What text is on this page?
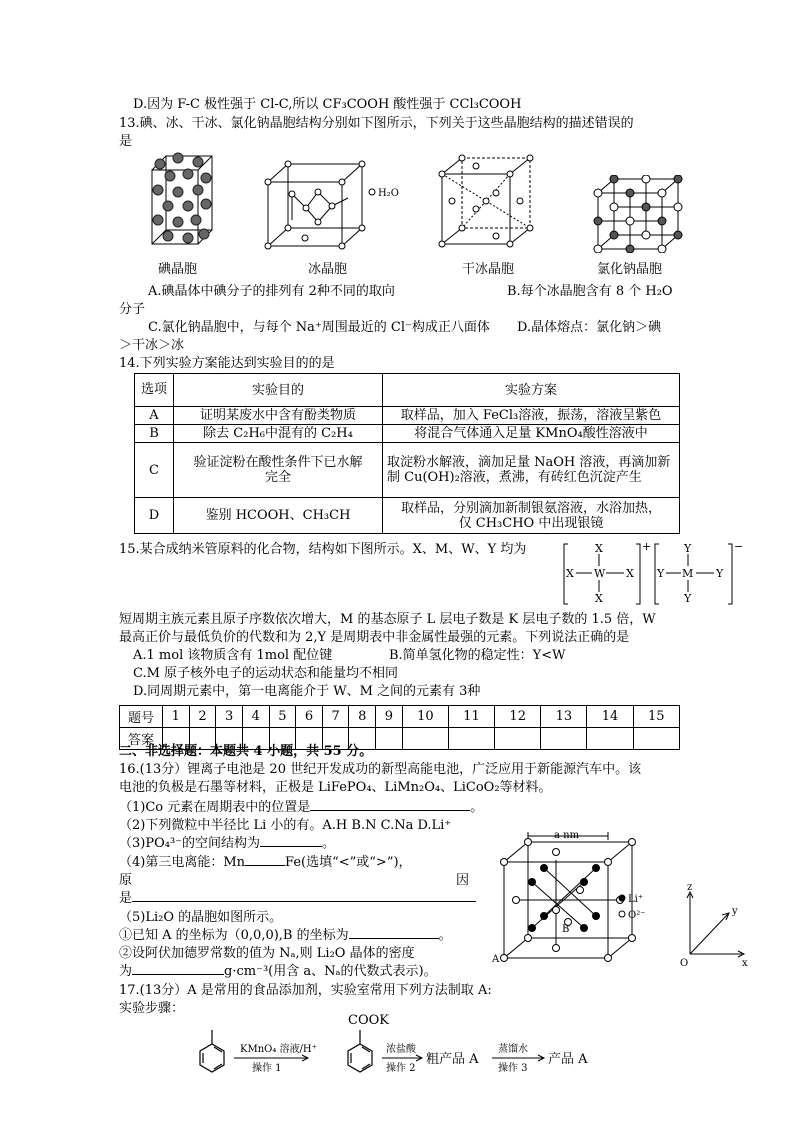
D.因为 F-C 极性强于 Cl-C,所以 CF₃COOH 酸性强于 CCl₃COOH
13.碘、冰、干冰、氯化钠晶胞结构分别如下图所示，下列关于这些晶胞结构的描述错误的
是
H₂O
碘晶胞	冰晶胞	干冰晶胞	氯化钠晶胞
A.碘晶体中碘分子的排列有 2种不同的取向	B.每个冰晶胞含有 8 个 H₂O
分子
C.氯化钠晶胞中，与每个 Na⁺周围最近的 Cl⁻构成正八面体 D.晶体熔点：氯化钠＞碘
＞干冰＞冰
14.下列实验方案能达到实验目的的是
选项	实验目的	实验方案
A	证明某废水中含有酚类物质	取样品，加入 FeCl₃溶液，振荡，溶液呈紫色
B	除去 C₂H₆中混有的 C₂H₄	将混合气体通入足量 KMnO₄酸性溶液中
C	验证淀粉在酸性条件下已水解完全	取淀粉水解液，滴加足量 NaOH 溶液，再滴加新
制 Cu(OH)₂溶液，煮沸，有砖红色沉淀产生

D	鉴别 HCOOH、CH₃CH	取样品，分别滴加新制银氨溶液，水浴加热，
仅 CH₃CHO 中出现银镜
15.某合成纳米管原料的化合物，结构如下图所示。X、M、W、Y 均为	X
X W X
X
+	Y
Y M Y
Y
−
短周期主族元素且原子序数依次增大，M 的基态原子 L 层电子数是 K 层电子数的 1.5 倍，W
最高正价与最低负价的代数和为 2,Y 是周期表中非金属性最强的元素。下列说法正确的是
A.1 mol 该物质含有 1mol 配位键	B.简单氢化物的稳定性：Y<W
C.M 原子核外电子的运动状态和能量均不相同
D.同周期元素中，第一电离能介于 W、M 之间的元素有 3种
题号	1	2	3	4	5	6	7	8	9	10	11	12	13	14	15
答案															
二、非选择题：本题共 4 小题，共 55 分。
16.(13分）锂离子电池是 20 世纪开发成功的新型高能电池，广泛应用于新能源汽车中。该
电池的负极是石墨等材料，正极是 LiFePO₄、LiMn₂O₄、LiCoO₂等材料。
（1)Co 元素在周期表中的位置是	。
（2)下列微粒中半径比 Li 小的有。A.H B.N C.Na D.Li⁺
（3)PO₄³⁻的空间结构为	。
（4)第三电离能：Mn	Fe(选填“<”或“>”)，
原	因
是
（5)Li₂O 的晶胞如图所示。
①已知 A 的坐标为（0,0,0),B 的坐标为	。
②设阿伏加德罗常数的值为 Nₐ,则 Li₂O 晶体的密度
为	g·cm⁻³(用含 a、Nₐ的代数式表示)。
a nm
A
B
Li⁺
O²⁻
z
y
x
O
17.(13分）A 是常用的食品添加剂，实验室常用下列方法制取 A:
实验步骤：
KMnO₄ 溶液/H⁺
操作 1
COOK
浓盐酸
操作 2
粗产品 A
蒸馏水
操作 3
产品 A
